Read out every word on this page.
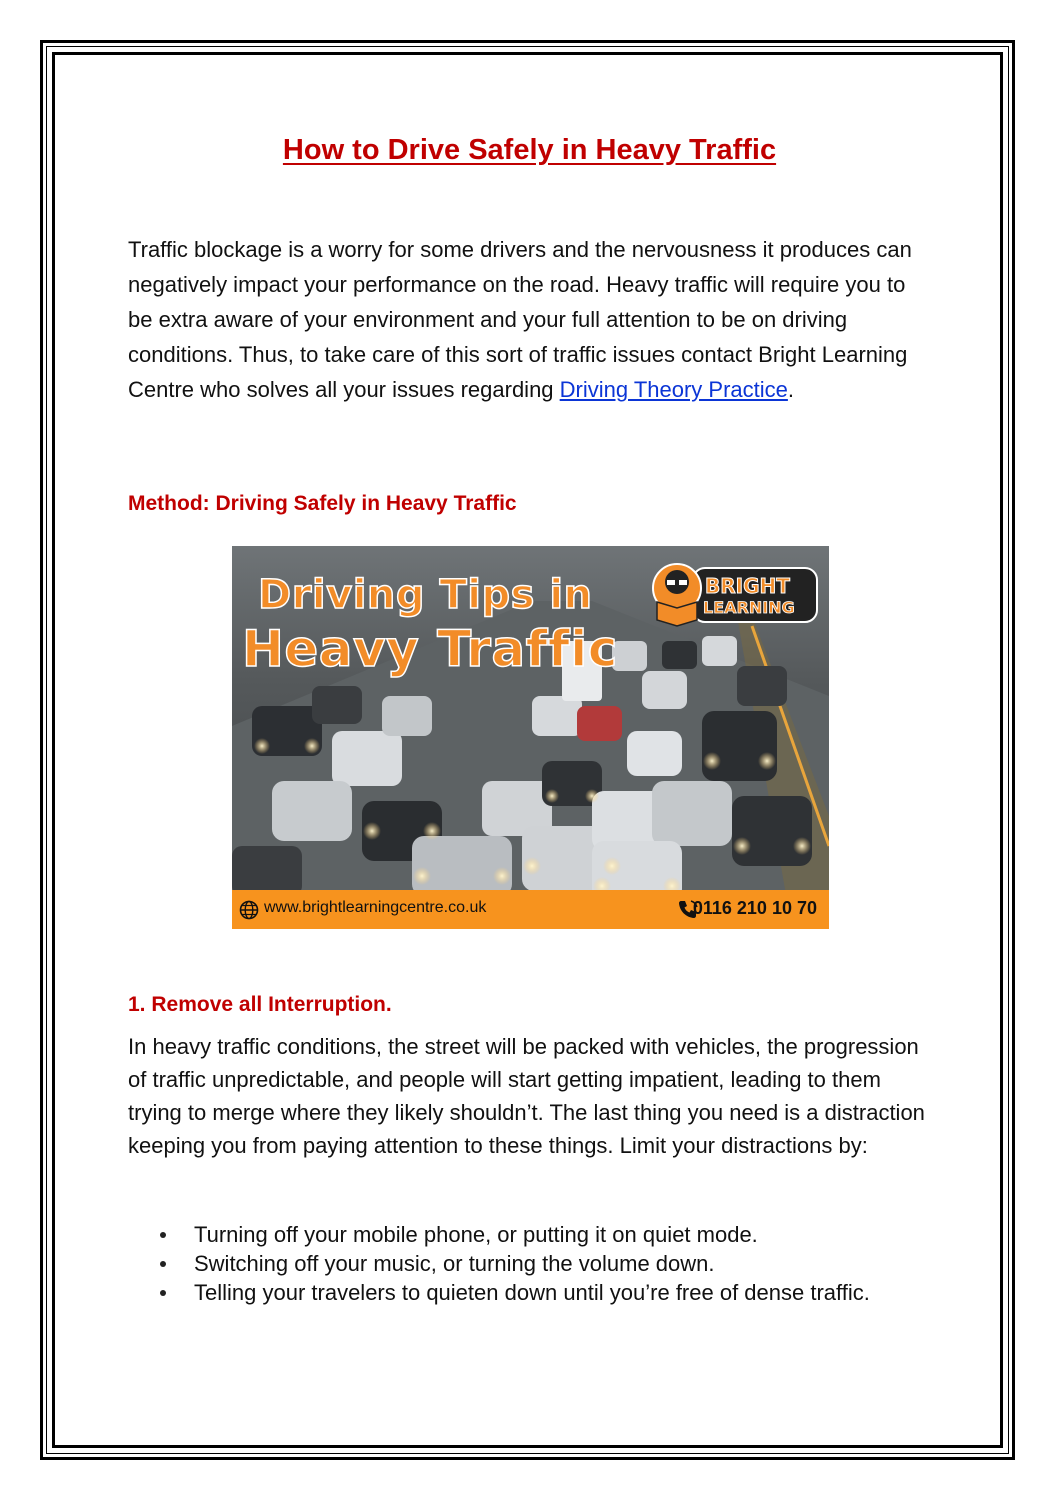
How to Drive Safely in Heavy Traffic
Traffic blockage is a worry for some drivers and the nervousness it produces can negatively impact your performance on the road. Heavy traffic will require you to be extra aware of your environment and your full attention to be on driving conditions. Thus, to take care of this sort of traffic issues contact Bright Learning Centre who solves all your issues regarding Driving Theory Practice.
Method: Driving Safely in Heavy Traffic
Driving Tips in
Heavy Traffic
BRIGHT
LEARNING
www.brightlearningcentre.co.uk	0116 210 10 70
1. Remove all Interruption.
In heavy traffic conditions, the street will be packed with vehicles, the progression of traffic unpredictable, and people will start getting impatient, leading to them trying to merge where they likely shouldn’t. The last thing you need is a distraction keeping you from paying attention to these things. Limit your distractions by:
Turning off your mobile phone, or putting it on quiet mode.
Switching off your music, or turning the volume down.
Telling your travelers to quieten down until you’re free of dense traffic.
